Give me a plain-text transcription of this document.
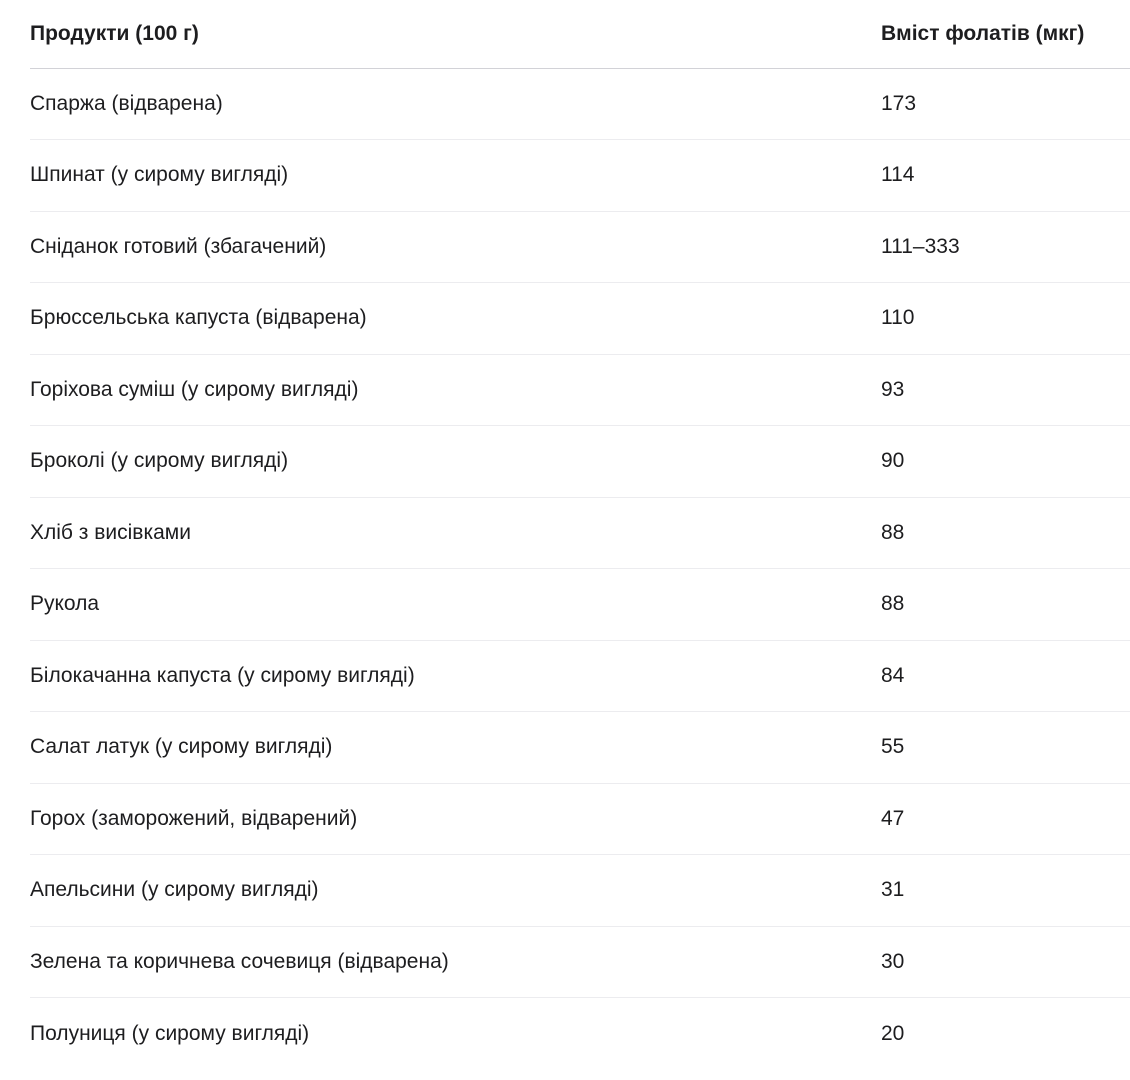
Продукти (100 г)	Вміст фолатів (мкг)
Спаржа (відварена)	173
Шпинат (у сирому вигляді)	114
Сніданок готовий (збагачений)	111–333
Брюссельська капуста (відварена)	110
Горіхова суміш (у сирому вигляді)	93
Броколі (у сирому вигляді)	90
Хліб з висівками	88
Рукола	88
Білокачанна капуста (у сирому вигляді)	84
Салат латук (у сирому вигляді)	55
Горох (заморожений, відварений)	47
Апельсини (у сирому вигляді)	31
Зелена та коричнева сочевиця (відварена)	30
Полуниця (у сирому вигляді)	20
